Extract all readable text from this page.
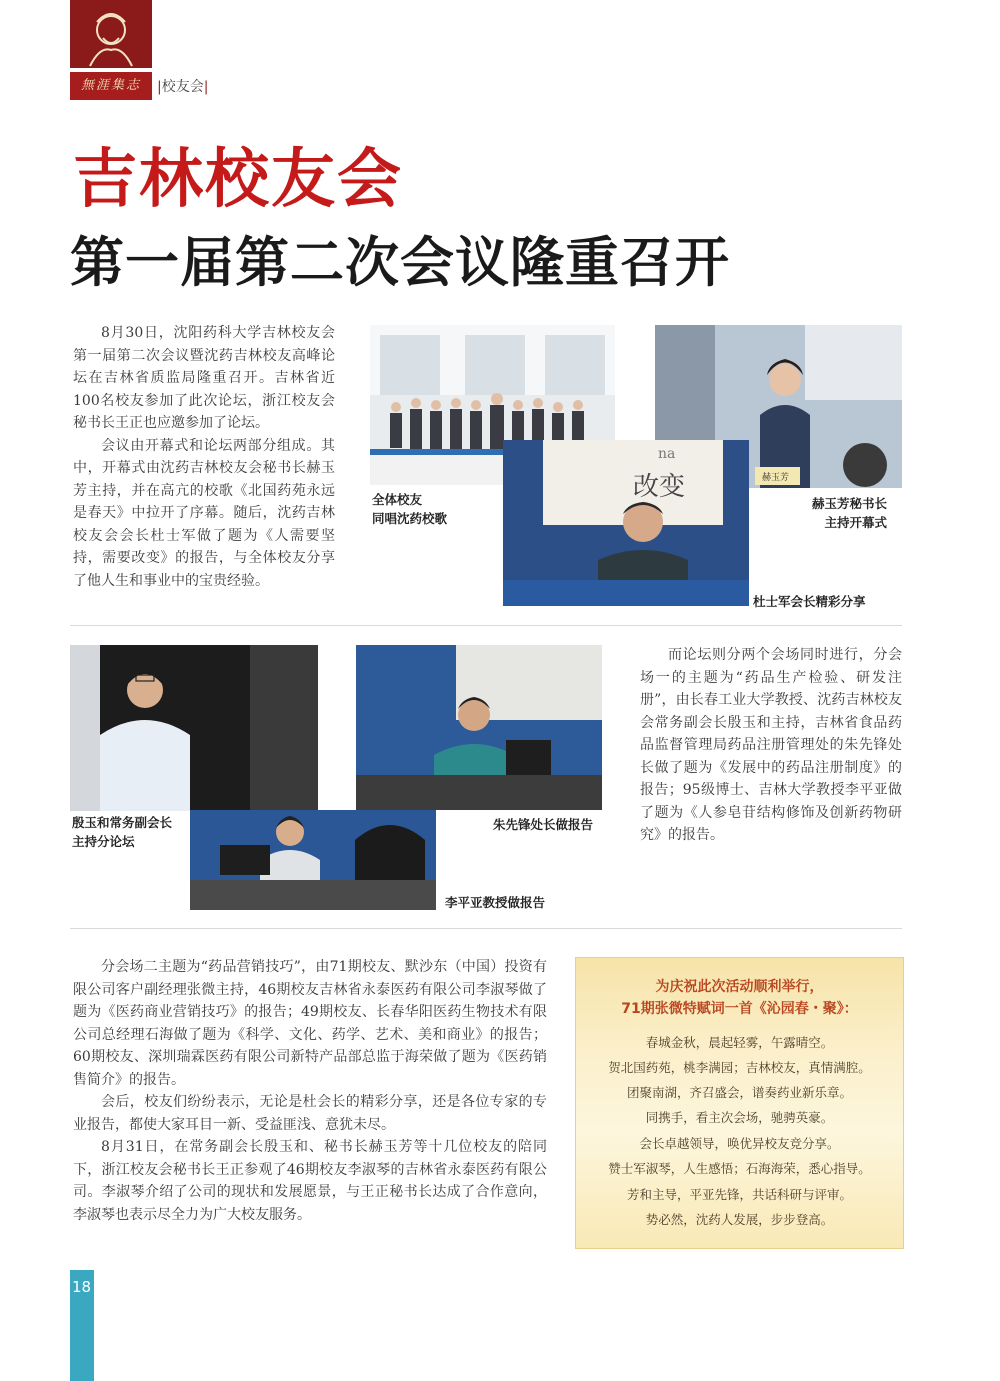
無涯集志	|校友会|
吉林校友会
第一届第二次会议隆重召开

8月30日，沈阳药科大学吉林校友会第一届第二次会议暨沈药吉林校友高峰论坛在吉林省质监局隆重召开。吉林省近100名校友参加了此次论坛，浙江校友会秘书长王正也应邀参加了论坛。

会议由开幕式和论坛两部分组成。其中，开幕式由沈药吉林校友会秘书长赫玉芳主持，并在高亢的校歌《北国药苑永远是春天》中拉开了序幕。随后，沈药吉林校友会会长杜士军做了题为《人需要坚持，需要改变》的报告，与全体校友分享了他人生和事业中的宝贵经验。

全体校友
同唱沈药校歌
赫玉芳
赫玉芳秘书长
主持开幕式
改变
na
杜士军会长精彩分享
殷玉和常务副会长
主持分论坛
朱先锋处长做报告
李平亚教授做报告

而论坛则分两个会场同时进行，分会场一的主题为“药品生产检验、研发注册”，由长春工业大学教授、沈药吉林校友会常务副会长殷玉和主持，吉林省食品药品监督管理局药品注册管理处的朱先锋处长做了题为《发展中的药品注册制度》的报告；95级博士、吉林大学教授李平亚做了题为《人参皂苷结构修饰及创新药物研究》的报告。

分会场二主题为“药品营销技巧”，由71期校友、默沙东（中国）投资有限公司客户副经理张微主持，46期校友吉林省永泰医药有限公司李淑琴做了题为《医药商业营销技巧》的报告；49期校友、长春华阳医药生物技术有限公司总经理石海做了题为《科学、文化、药学、艺术、美和商业》的报告；60期校友、深圳瑞霖医药有限公司新特产品部总监于海荣做了题为《医药销售简介》的报告。

会后，校友们纷纷表示，无论是杜会长的精彩分享，还是各位专家的专业报告，都使大家耳目一新、受益匪浅、意犹未尽。

8月31日，在常务副会长殷玉和、秘书长赫玉芳等十几位校友的陪同下，浙江校友会秘书长王正参观了46期校友李淑琴的吉林省永泰医药有限公司。李淑琴介绍了公司的现状和发展愿景，与王正秘书长达成了合作意向，李淑琴也表示尽全力为广大校友服务。

为庆祝此次活动顺利举行，
71期张微特赋词一首《沁园春・聚》：
春城金秋，晨起轻雾，午露晴空。
贺北国药苑，桃李满园；吉林校友，真情满腔。
团聚南湖，齐召盛会，谱奏药业新乐章。
同携手，看主次会场，驰骋英豪。
会长卓越领导，唤优异校友竞分享。
赞士军淑琴，人生感悟；石海海荣，悉心指导。
芳和主导，平亚先锋，共话科研与评审。
势必然，沈药人发展，步步登高。
18
